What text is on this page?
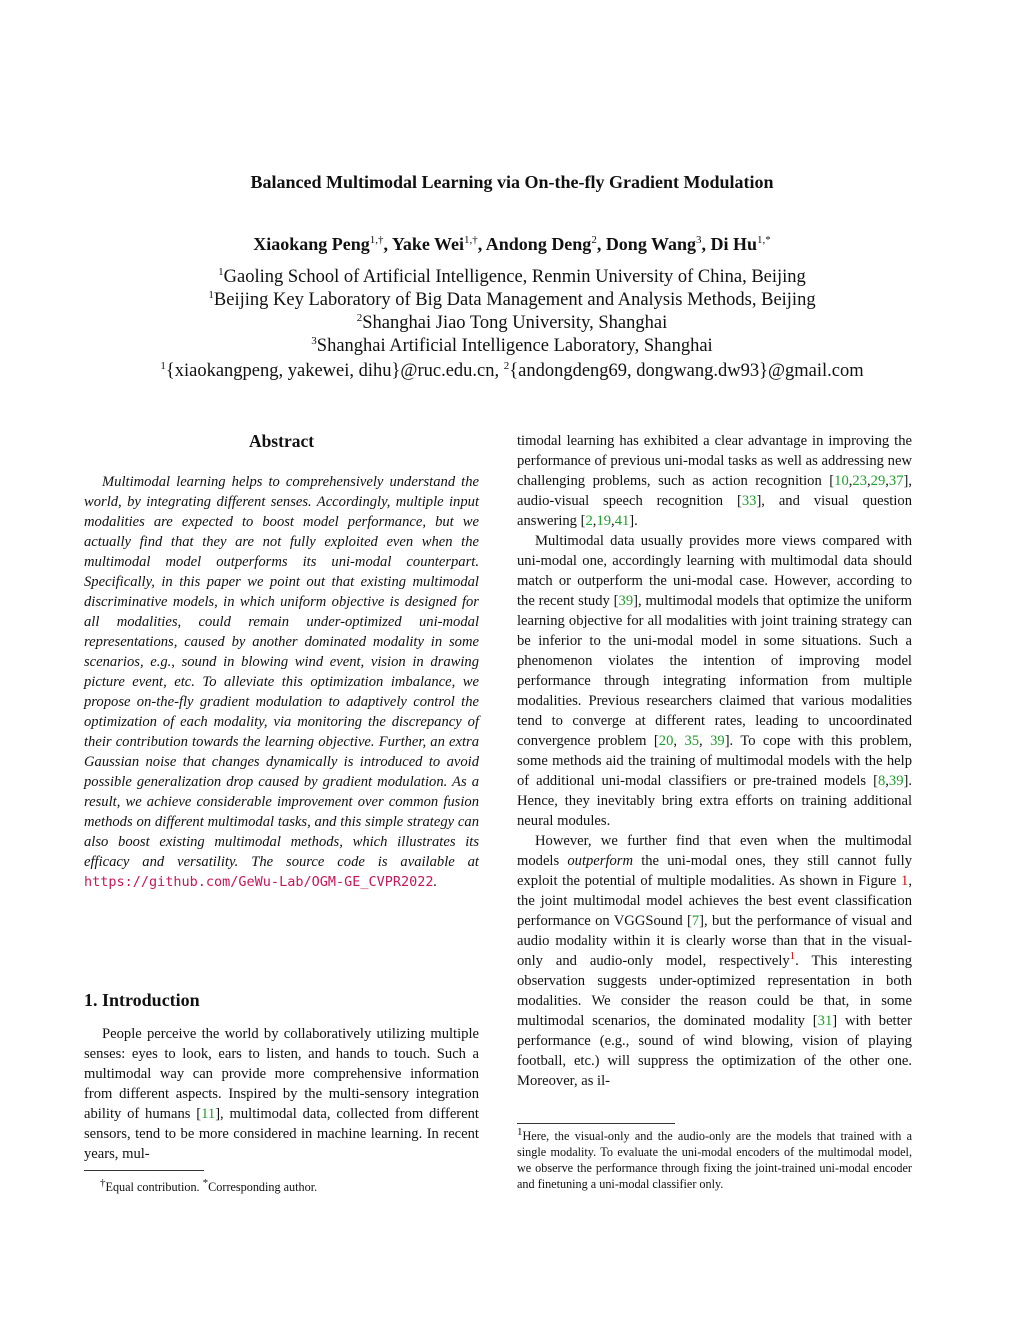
Balanced Multimodal Learning via On-the-fly Gradient Modulation
Xiaokang Peng$^{1,\dagger}$, Yake Wei$^{1,\dagger}$, Andong Deng$^2$, Dong Wang$^3$, Di $Hu^{1,*}$
$^1$Gaoling School of Artificial Intelligence, Renmin University of China, Beijing
$^1$Beijing Key Laboratory of Big Data Management and Analysis Methods, Beijing
$^2$Shanghai Jiao Tong University, Shanghai
$^3$Shanghai Artificial Intelligence Laboratory, Shanghai
$^1${xiaokangpeng, yakewei, dihu}@ruc.edu.cn, $^2${andongdeng69, dongwang.dw93}@gmail.com
Abstract

Multimodal learning helps to comprehensively understand the world, by integrating different senses. Accordingly, multiple input modalities are expected to boost model performance, but we actually find that they are not fully exploited even when the multimodal model outperforms its uni-modal counterpart. Specifically, in this paper we point out that existing multimodal discriminative models, in which uniform objective is designed for all modalities, could remain under-optimized uni-modal representations, caused by another dominated modality in some scenarios, e.g., sound in blowing wind event, vision in drawing picture event, etc. To alleviate this optimization imbalance, we propose on-the-fly gradient modulation to adaptively control the optimization of each modality, via monitoring the discrepancy of their contribution towards the learning objective. Further, an extra Gaussian noise that changes dynamically is introduced to avoid possible generalization drop caused by gradient modulation. As a result, we achieve considerable improvement over common fusion methods on different multimodal tasks, and this simple strategy can also boost existing multimodal methods, which illustrates its efficacy and versatility. The source code is available at https://github.com/GeWu-Lab/OGM-GE_CVPR2022.

1. Introduction

People perceive the world by collaboratively utilizing multiple senses: eyes to look, ears to listen, and hands to touch. Such a multimodal way can provide more comprehensive information from different aspects. Inspired by the multi-sensory integration ability of humans [11], multimodal data, collected from different sensors, tend to be more considered in machine learning. In recent years, mul-

†Equal contribution. *Corresponding author.

timodal learning has exhibited a clear advantage in improving the performance of previous uni-modal tasks as well as addressing new challenging problems, such as action recognition [10,23,29,37], audio-visual speech recognition [33], and visual question answering [2,19,41].

Multimodal data usually provides more views compared with uni-modal one, accordingly learning with multimodal data should match or outperform the uni-modal case. However, according to the recent study [39], multimodal models that optimize the uniform learning objective for all modalities with joint training strategy can be inferior to the uni-modal model in some situations. Such a phenomenon violates the intention of improving model performance through integrating information from multiple modalities. Previous researchers claimed that various modalities tend to converge at different rates, leading to uncoordinated convergence problem [20, 35, 39]. To cope with this problem, some methods aid the training of multimodal models with the help of additional uni-modal classifiers or pre-trained models [8,39]. Hence, they inevitably bring extra efforts on training additional neural modules.

However, we further find that even when the multimodal models outperform the uni-modal ones, they still cannot fully exploit the potential of multiple modalities. As shown in Figure 1, the joint multimodal model achieves the best event classification performance on VGGSound [7], but the performance of visual and audio modality within it is clearly worse than that in the visual-only and audio-only model, respectively$^1$. This interesting observation suggests under-optimized representation in both modalities. We consider the reason could be that, in some multimodal scenarios, the dominated modality [31] with better performance (e.g., sound of wind blowing, vision of playing football, etc.) will suppress the optimization of the other one. Moreover, as il-

$^1$Here, the visual-only and the audio-only are the models that trained with a single modality. To evaluate the uni-modal encoders of the multimodal model, we observe the performance through fixing the joint-trained uni-modal encoder and finetuning a uni-modal classifier only.
